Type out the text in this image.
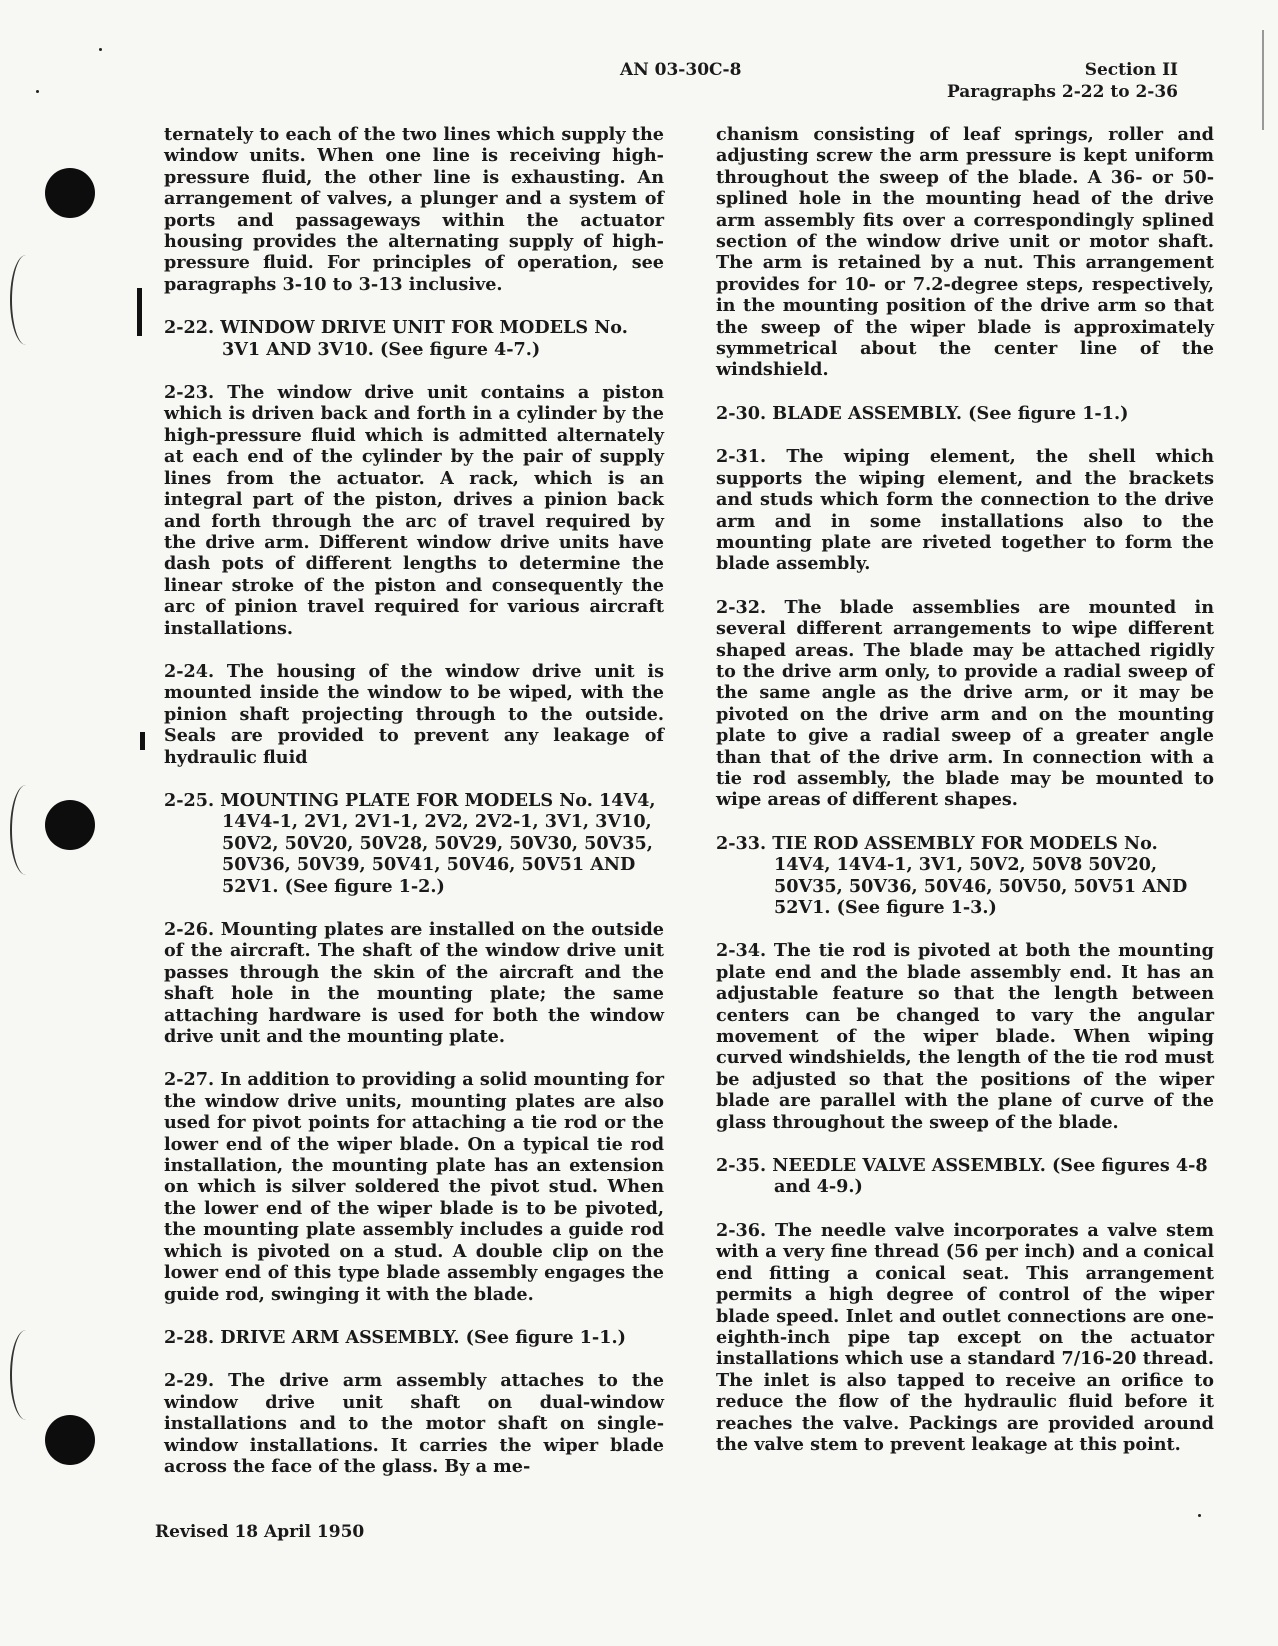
AN 03-30C-8	Section II
Paragraphs 2-22 to 2-36

ternately to each of the two lines which supply the window units. When one line is receiving high-pressure fluid, the other line is exhausting. An arrangement of valves, a plunger and a system of ports and passageways within the actuator housing provides the alternating supply of high-pressure fluid. For principles of operation, see paragraphs 3-10 to 3-13 inclusive.

2-22. WINDOW DRIVE UNIT FOR MODELS No. 3V1 AND 3V10. (See figure 4-7.)

2-23. The window drive unit contains a piston which is driven back and forth in a cylinder by the high-pressure fluid which is admitted alternately at each end of the cylinder by the pair of supply lines from the actuator. A rack, which is an integral part of the piston, drives a pinion back and forth through the arc of travel required by the drive arm. Different window drive units have dash pots of different lengths to determine the linear stroke of the piston and consequently the arc of pinion travel required for various aircraft installations.

2-24. The housing of the window drive unit is mounted inside the window to be wiped, with the pinion shaft projecting through to the outside. Seals are provided to prevent any leakage of hydraulic fluid

2-25. MOUNTING PLATE FOR MODELS No. 14V4, 14V4-1, 2V1, 2V1-1, 2V2, 2V2-1, 3V1, 3V10, 50V2, 50V20, 50V28, 50V29, 50V30, 50V35, 50V36, 50V39, 50V41, 50V46, 50V51 AND 52V1. (See figure 1-2.)

2-26. Mounting plates are installed on the outside of the aircraft. The shaft of the window drive unit passes through the skin of the aircraft and the shaft hole in the mounting plate; the same attaching hardware is used for both the window drive unit and the mounting plate.

2-27. In addition to providing a solid mounting for the window drive units, mounting plates are also used for pivot points for attaching a tie rod or the lower end of the wiper blade. On a typical tie rod installation, the mounting plate has an extension on which is silver soldered the pivot stud. When the lower end of the wiper blade is to be pivoted, the mounting plate assembly includes a guide rod which is pivoted on a stud. A double clip on the lower end of this type blade assembly engages the guide rod, swinging it with the blade.

2-28. DRIVE ARM ASSEMBLY. (See figure 1-1.)

2-29. The drive arm assembly attaches to the window drive unit shaft on dual-window installations and to the motor shaft on single-window installations. It carries the wiper blade across the face of the glass. By a me-

chanism consisting of leaf springs, roller and adjusting screw the arm pressure is kept uniform throughout the sweep of the blade. A 36- or 50-splined hole in the mounting head of the drive arm assembly fits over a correspondingly splined section of the window drive unit or motor shaft. The arm is retained by a nut. This arrangement provides for 10- or 7.2-degree steps, respectively, in the mounting position of the drive arm so that the sweep of the wiper blade is approximately symmetrical about the center line of the windshield.

2-30. BLADE ASSEMBLY. (See figure 1-1.)

2-31. The wiping element, the shell which supports the wiping element, and the brackets and studs which form the connection to the drive arm and in some installations also to the mounting plate are riveted together to form the blade assembly.

2-32. The blade assemblies are mounted in several different arrangements to wipe different shaped areas. The blade may be attached rigidly to the drive arm only, to provide a radial sweep of the same angle as the drive arm, or it may be pivoted on the drive arm and on the mounting plate to give a radial sweep of a greater angle than that of the drive arm. In connection with a tie rod assembly, the blade may be mounted to wipe areas of different shapes.

2-33. TIE ROD ASSEMBLY FOR MODELS No. 14V4, 14V4-1, 3V1, 50V2, 50V8 50V20, 50V35, 50V36, 50V46, 50V50, 50V51 AND 52V1. (See figure 1-3.)

2-34. The tie rod is pivoted at both the mounting plate end and the blade assembly end. It has an adjustable feature so that the length between centers can be changed to vary the angular movement of the wiper blade. When wiping curved windshields, the length of the tie rod must be adjusted so that the positions of the wiper blade are parallel with the plane of curve of the glass throughout the sweep of the blade.

2-35. NEEDLE VALVE ASSEMBLY. (See figures 4-8 and 4-9.)

2-36. The needle valve incorporates a valve stem with a very fine thread (56 per inch) and a conical end fitting a conical seat. This arrangement permits a high degree of control of the wiper blade speed. Inlet and outlet connections are one-eighth-inch pipe tap except on the actuator installations which use a standard 7/16-20 thread. The inlet is also tapped to receive an orifice to reduce the flow of the hydraulic fluid before it reaches the valve. Packings are provided around the valve stem to prevent leakage at this point.

Revised 18 April 1950
